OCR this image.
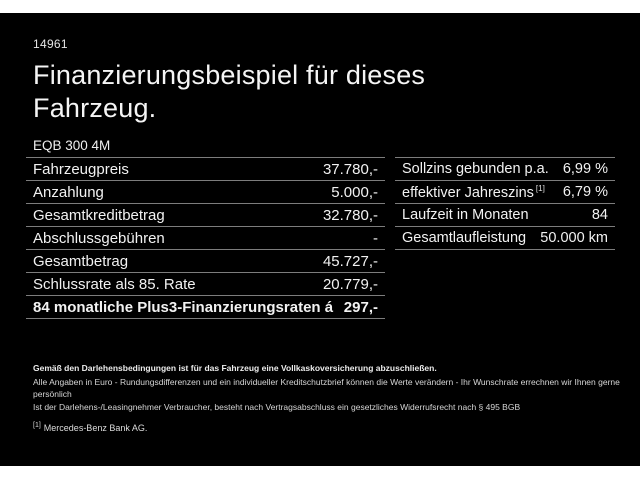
14961
Finanzierungsbeispiel für dieses
Fahrzeug.
EQB 300 4M
Fahrzeugpreis	37.780,-
Anzahlung	5.000,-
Gesamtkreditbetrag	32.780,-
Abschlussgebühren	-
Gesamtbetrag	45.727,-
Schlussrate als 85. Rate	20.779,-
84 monatliche Plus3-Finanzierungsraten á 297,-
Sollzins gebunden p.a. 6,99 %
effektiver Jahreszins [1] 6,79 %
Laufzeit in Monaten	84
Gesamtlaufleistung 50.000 km
Gemäß den Darlehensbedingungen ist für das Fahrzeug eine Vollkaskoversicherung abzuschließen.
Alle Angaben in Euro - Rundungsdifferenzen und ein individueller Kreditschutzbrief können die Werte verändern - Ihr Wunschrate errechnen wir Ihnen gerne persönlich
Ist der Darlehens-/Leasingnehmer Verbraucher, besteht nach Vertragsabschluss ein gesetzliches Widerrufsrecht nach § 495 BGB
[1] Mercedes-Benz Bank AG.
